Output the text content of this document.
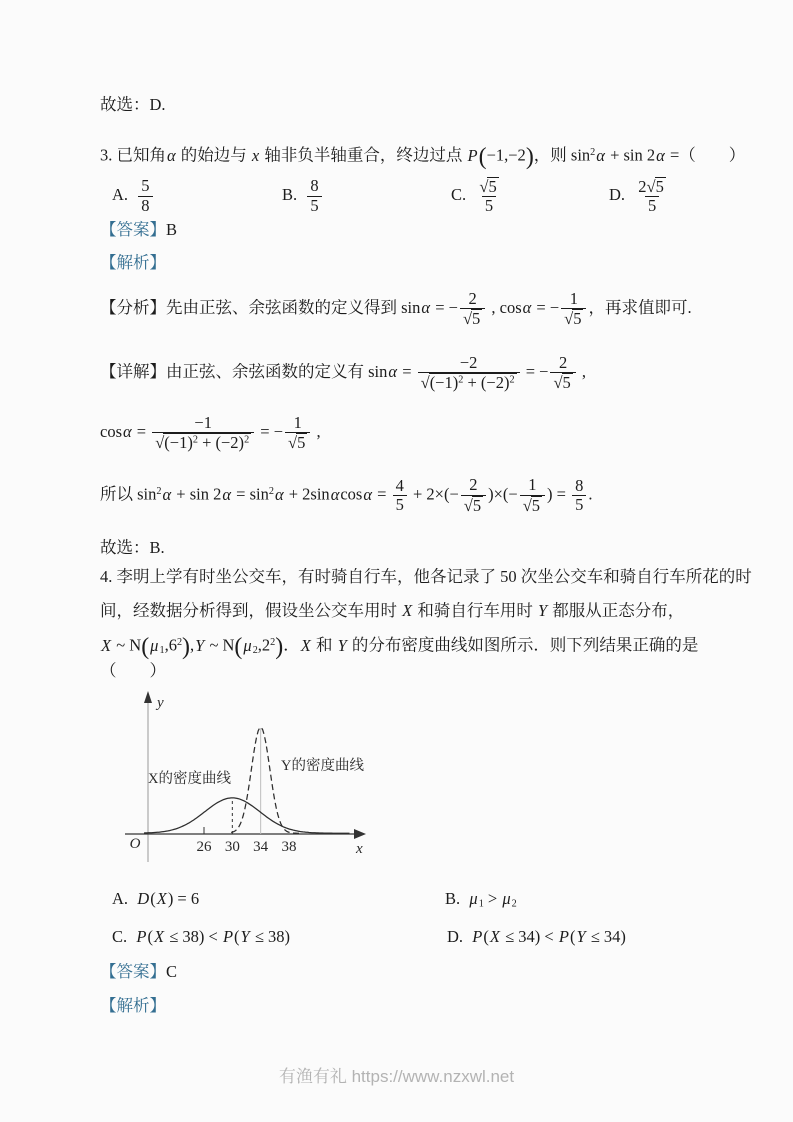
故选：D.
3. 已知角α 的始边与 x 轴非负半轴重合，终边过点 P(−1,−2)，则 $\sin^2\alpha + \sin 2\alpha$ =（　　）
A. $\frac{5}{8}$	B. $\frac{8}{5}$	C. $\frac{√ 5}{5}$	D. $\frac{2 √ 5}{5}$
【答案】B
【解析】
【分析】先由正弦、余弦函数的定义得到 sinα = − $\frac{2}{√ 5}$ , cosα = − $\frac{1}{√ 5}$ ，再求值即可.
【详解】由正弦、余弦函数的定义有 $\sin\alpha = \frac{-2}{√ (-1)^2 + (-2)^2}$ = − $\frac{2}{√ 5}$ ,
$\cos\alpha = \frac{-1}{√ (-1)^2 + (-2)^2}$ = − $\frac{1}{√ 5}$ ,
所以 $\sin^2\alpha + \sin 2\alpha = \sin^2\alpha + 2\sin\alpha\cos\alpha = \frac{4}{5} + 2\times(- \frac{2}{√ 5}$ )×(− $\frac{1}{√ 5}$ ) = $\frac{8}{5}$ .
故选：B.
4. 李明上学有时坐公交车，有时骑自行车，他各记录了 50 次坐公交车和骑自行车所花的时
间，经数据分析得到，假设坐公交车用时 X 和骑自行车用时 Y 都服从正态分布，
X ~ $N(\mu 1,6^2),Y$ ~ $N(\mu 2,2^2)$．X 和 Y 的分布密度曲线如图所示．则下列结果正确的是
（　　）
y
x
O	26 30 34 38
X的密度曲线
Y的密度曲线
A. D(X) = 6	B. μ1 > μ2
C. P(X ≤ 38) < P(Y ≤ 38)	D. P(X ≤ 34) < P(Y ≤ 34)
【答案】C
【解析】
有渔有礼 https://www.nzxwl.net
